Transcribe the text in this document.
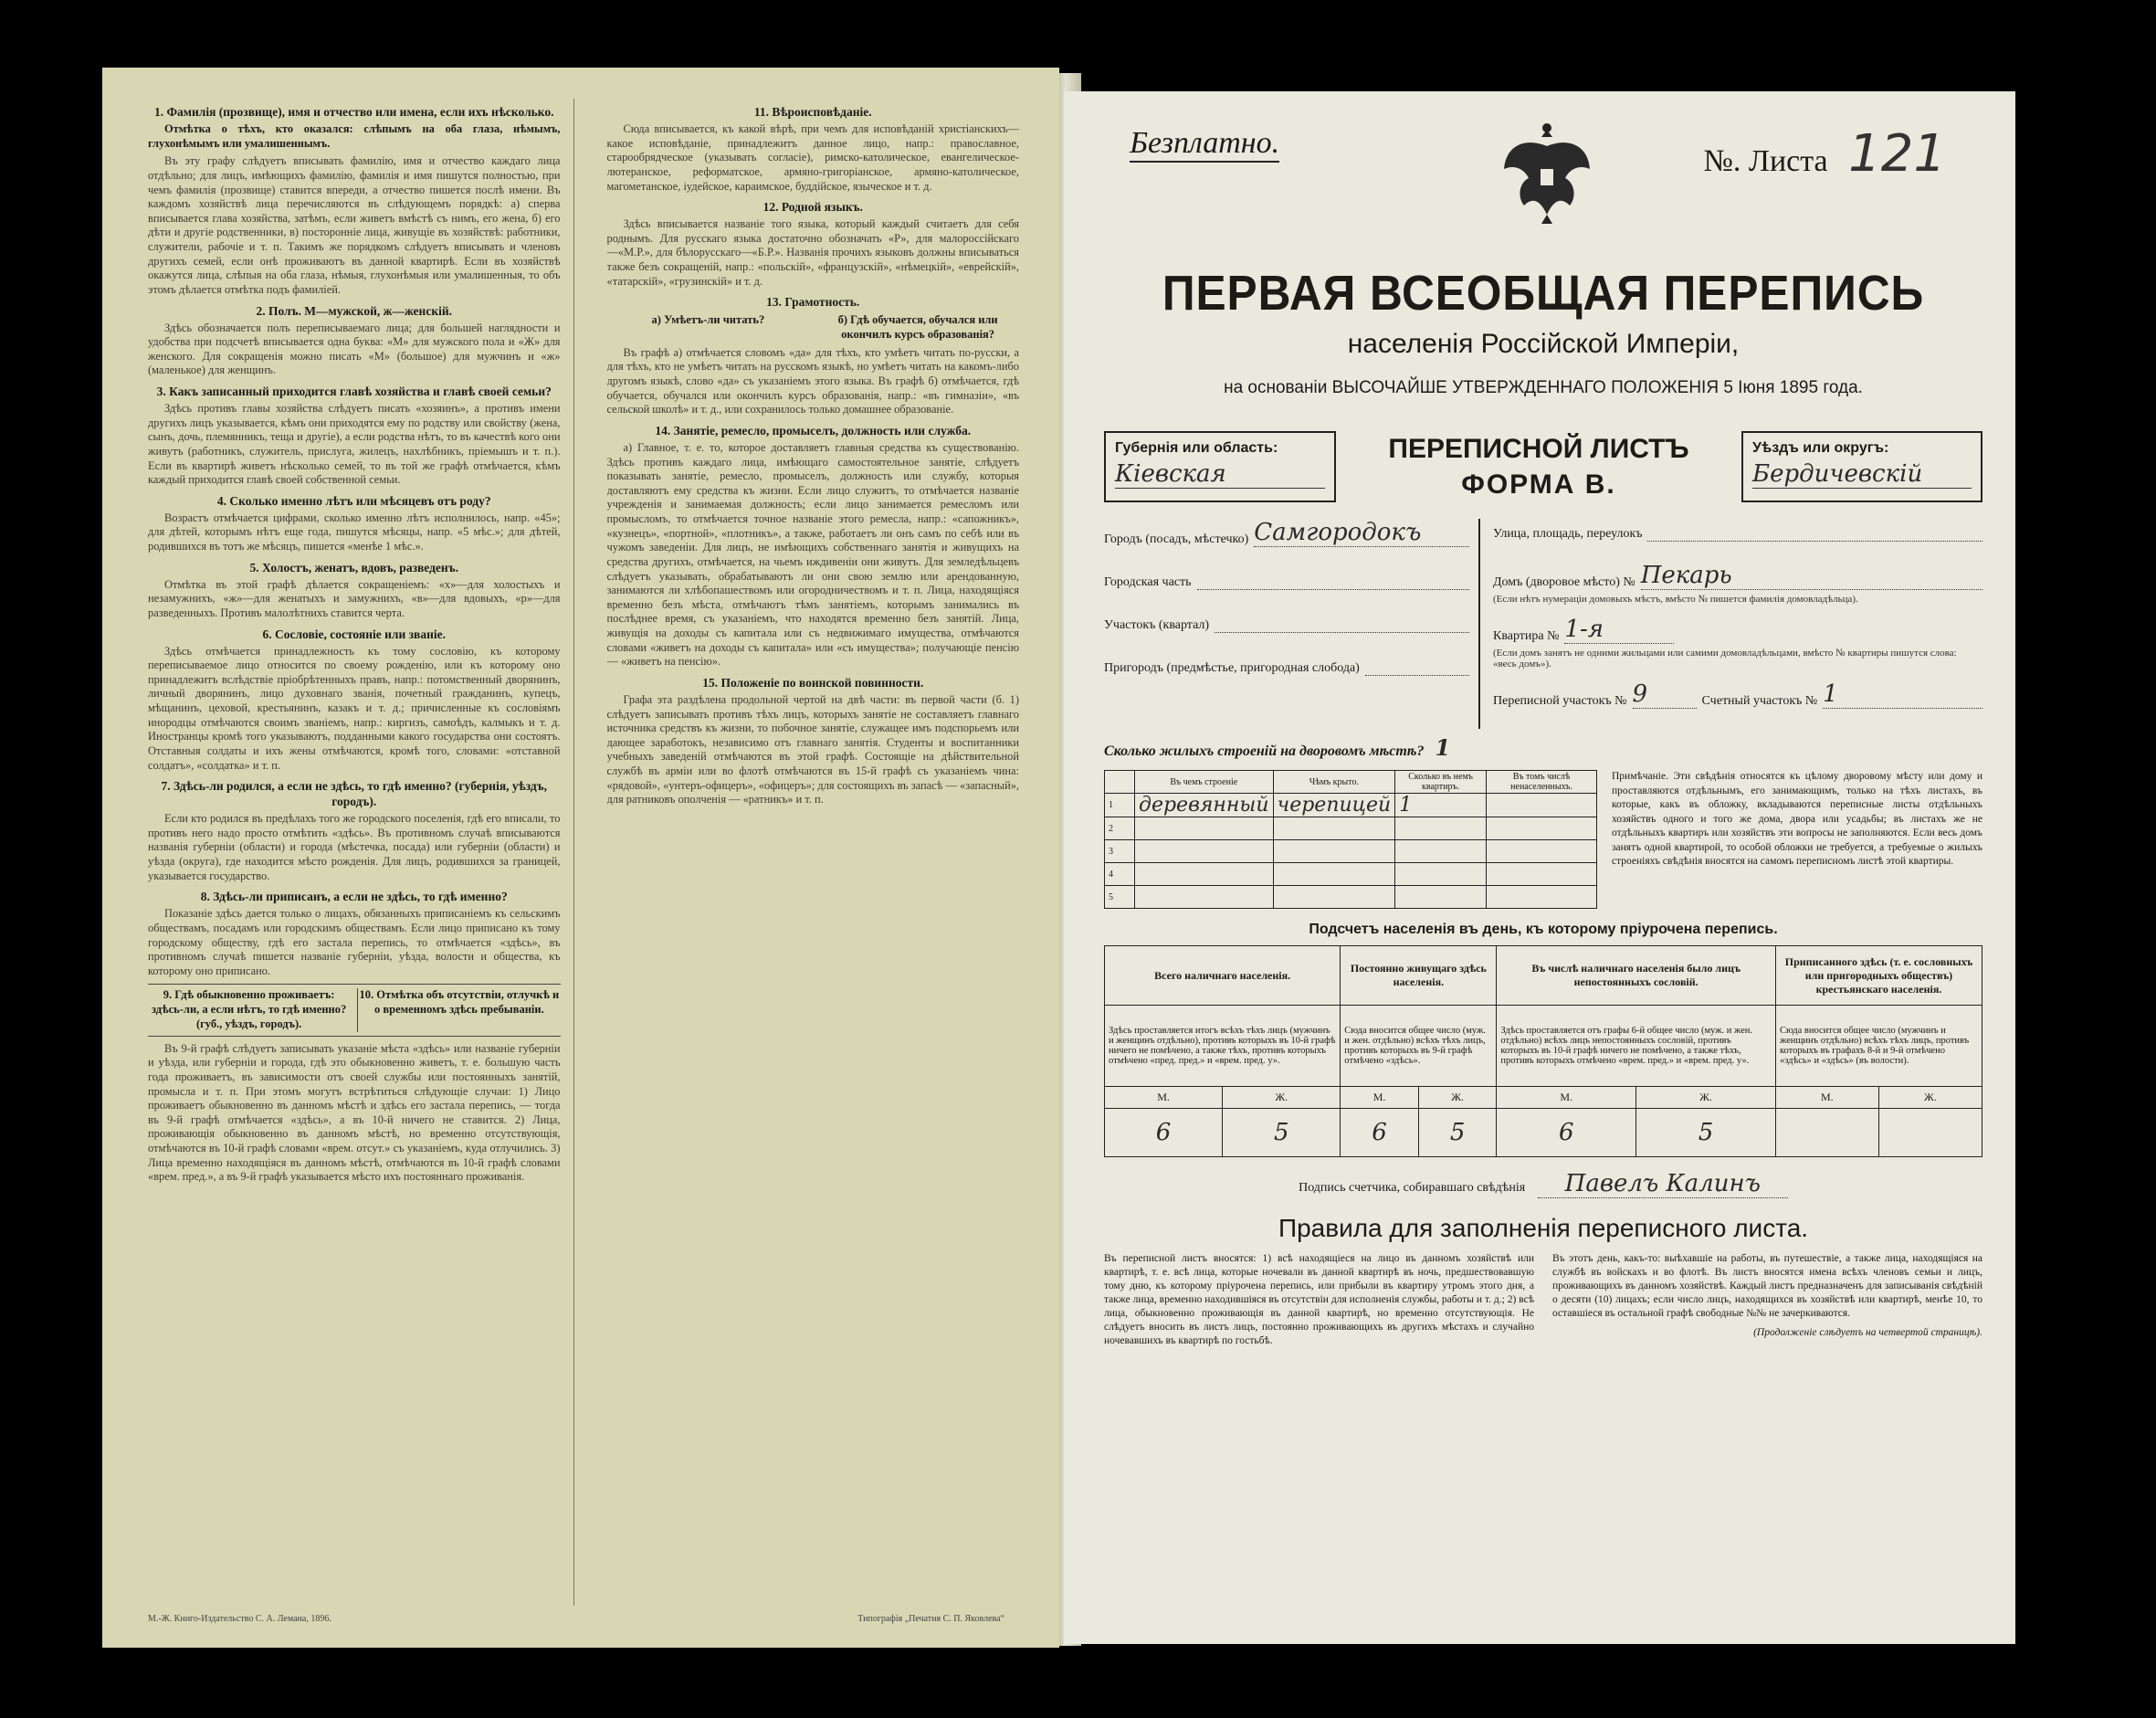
1. Фамилія (прозвище), имя и отчество или имена, если ихъ нѣсколько.

Отмѣтка о тѣхъ, кто оказался: слѣпымъ на оба глаза, нѣмымъ, глухонѣмымъ или умалишеннымъ.

Въ эту графу слѣдуетъ вписывать фамилію, имя и отчество каждаго лица отдѣльно; для лицъ, имѣющихъ фамилію, фамилія и имя пишутся полностью, при чемъ фамилія (прозвище) ставится впереди, а отчество пишется послѣ имени. Въ каждомъ хозяйствѣ лица перечисляются въ слѣдующемъ порядкѣ: а) сперва вписывается глава хозяйства, затѣмъ, если живетъ вмѣстѣ съ нимъ, его жена, б) его дѣти и другіе родственники, в) посторонніе лица, живущіе въ хозяйствѣ: работники, служители, рабочіе и т. п. Такимъ же порядкомъ слѣдуетъ вписывать и членовъ другихъ семей, если онѣ проживаютъ въ данной квартирѣ. Если въ хозяйствѣ окажутся лица, слѣпыя на оба глаза, нѣмыя, глухонѣмыя или умалишенныя, то объ этомъ дѣлается отмѣтка подъ фамиліей.

2. Полъ. М—мужской, ж—женскій.

Здѣсь обозначается полъ переписываемаго лица; для большей наглядности и удобства при подсчетѣ вписывается одна буква: «М» для мужского пола и «Ж» для женского. Для сокращенія можно писать «М» (большое) для мужчинъ и «ж» (маленькое) для женщинъ.

3. Какъ записанный приходится главѣ хозяйства и главѣ своей семьи?

Здѣсь противъ главы хозяйства слѣдуетъ писать «хозяинъ», а противъ имени другихъ лицъ указывается, кѣмъ они приходятся ему по родству или свойству (жена, сынъ, дочь, племянникъ, теща и другіе), а если родства нѣтъ, то въ качествѣ кого они живутъ (работникъ, служитель, прислуга, жилецъ, нахлѣбникъ, пріемышъ и т. п.). Если въ квартирѣ живетъ нѣсколько семей, то въ той же графѣ отмѣчается, кѣмъ каждый приходится главѣ своей собственной семьи.

4. Сколько именно лѣтъ или мѣсяцевъ отъ роду?

Возрастъ отмѣчается цифрами, сколько именно лѣтъ исполнилось, напр. «45»; для дѣтей, которымъ нѣтъ еще года, пишутся мѣсяцы, напр. «5 мѣс.»; для дѣтей, родившихся въ тотъ же мѣсяцъ, пишется «менѣе 1 мѣс.».

5. Холостъ, женатъ, вдовъ, разведенъ.

Отмѣтка въ этой графѣ дѣлается сокращеніемъ: «х»—для холостыхъ и незамужнихъ, «ж»—для женатыхъ и замужнихъ, «в»—для вдовыхъ, «р»—для разведенныхъ. Противъ малолѣтнихъ ставится черта.

6. Сословіе, состояніе или званіе.

Здѣсь отмѣчается принадлежность къ тому сословію, къ которому переписываемое лицо относится по своему рожденію, или къ которому оно принадлежитъ вслѣдствіе пріобрѣтенныхъ правъ, напр.: потомственный дворянинъ, личный дворянинъ, лицо духовнаго званія, почетный гражданинъ, купецъ, мѣщанинъ, цеховой, крестьянинъ, казакъ и т. д.; причисленные къ сословіямъ инородцы отмѣчаются своимъ званіемъ, напр.: киргизъ, самоѣдъ, калмыкъ и т. д. Иностранцы кромѣ того указываютъ, подданными какого государства они состоятъ. Отставныя солдаты и ихъ жены отмѣчаются, кромѣ того, словами: «отставной солдатъ», «солдатка» и т. п.

7. Здѣсь-ли родился, а если не здѣсь, то гдѣ именно? (губернія, уѣздъ, городъ).

Если кто родился въ предѣлахъ того же городского поселенія, гдѣ его вписали, то противъ него надо просто отмѣтить «здѣсь». Въ противномъ случаѣ вписываются названія губерніи (области) и города (мѣстечка, посада) или губерніи (области) и уѣзда (округа), где находится мѣсто рожденія. Для лицъ, родившихся за границей, указывается государство.

8. Здѣсь-ли приписанъ, а если не здѣсь, то гдѣ именно?

Показаніе здѣсь дается только о лицахъ, обязанныхъ приписаніемъ къ сельскимъ обществамъ, посадамъ или городскимъ обществамъ. Если лицо приписано къ тому городскому обществу, гдѣ его застала перепись, то отмѣчается «здѣсь», въ противномъ случаѣ пишется названіе губерніи, уѣзда, волости и общества, къ которому оно приписано.

9. Гдѣ обыкновенно проживаетъ: здѣсь-ли, а если нѣтъ, то гдѣ именно? (губ., уѣздъ, городъ).
10. Отмѣтка объ отсутствіи, отлучкѣ и о временномъ здѣсь пребываніи.

Въ 9-й графѣ слѣдуетъ записывать указаніе мѣста «здѣсь» или названіе губерніи и уѣзда, или губерніи и города, гдѣ это обыкновенно живетъ, т. е. большую часть года проживаетъ, въ зависимости отъ своей службы или постоянныхъ занятій, промысла и т. п. При этомъ могутъ встрѣтиться слѣдующіе случаи: 1) Лицо проживаетъ обыкновенно въ данномъ мѣстѣ и здѣсь его застала перепись, — тогда въ 9-й графѣ отмѣчается «здѣсь», а въ 10-й ничего не ставится. 2) Лица, проживающія обыкновенно въ данномъ мѣстѣ, но временно отсутствующія, отмѣчаются въ 10-й графѣ словами «врем. отсут.» съ указаніемъ, куда отлучились. 3) Лица временно находящіяся въ данномъ мѣстѣ, отмѣчаются въ 10-й графѣ словами «врем. пред.», а въ 9-й графѣ указывается мѣсто ихъ постояннаго проживанія.

11. Вѣроисповѣданіе.

Сюда вписывается, къ какой вѣрѣ, при чемъ для исповѣданій христіанскихъ—какое исповѣданіе, принадлежитъ данное лицо, напр.: православное, старообрядческое (указывать согласіе), римско-католическое, евангелическое-лютеранское, реформатское, армяно-григоріанское, армяно-католическое, магометанское, іудейское, караимское, буддійское, языческое и т. д.

12. Родной языкъ.

Здѣсь вписывается названіе того языка, который каждый считаетъ для себя роднымъ. Для русскаго языка достаточно обозначать «Р», для малороссійскаго—«М.Р.», для бѣлорусскаго—«Б.Р.». Названія прочихъ языковъ должны вписываться также безъ сокращеній, напр.: «польскій», «французскій», «нѣмецкій», «еврейскій», «татарскій», «грузинскій» и т. д.

13. Грамотность.
а) Умѣетъ-ли читать?	б) Гдѣ обучается, обучался или окончилъ курсъ образованія?

Въ графѣ а) отмѣчается словомъ «да» для тѣхъ, кто умѣетъ читать по-русски, а для тѣхъ, кто не умѣетъ читать на русскомъ языкѣ, но умѣетъ читать на какомъ-либо другомъ языкѣ, слово «да» съ указаніемъ этого языка. Въ графѣ б) отмѣчается, гдѣ обучается, обучался или окончилъ курсъ образованія, напр.: «въ гимназіи», «въ сельской школѣ» и т. д., или сохранилось только домашнее образованіе.

14. Занятіе, ремесло, промыселъ, должность или служба.

а) Главное, т. е. то, которое доставляетъ главныя средства къ существованію. Здѣсь противъ каждаго лица, имѣющаго самостоятельное занятіе, слѣдуетъ показывать занятіе, ремесло, промыселъ, должность или службу, которыя доставляютъ ему средства къ жизни. Если лицо служитъ, то отмѣчается названіе учрежденія и занимаемая должность; если лицо занимается ремесломъ или промысломъ, то отмѣчается точное названіе этого ремесла, напр.: «сапожникъ», «кузнецъ», «портной», «плотникъ», а также, работаетъ ли онъ самъ по себѣ или въ чужомъ заведеніи. Для лицъ, не имѣющихъ собственнаго занятія и живущихъ на средства другихъ, отмѣчается, на чьемъ иждивеніи они живутъ. Для земледѣльцевъ слѣдуетъ указывать, обрабатываютъ ли они свою землю или арендованную, занимаются ли хлѣбопашествомъ или огородничествомъ и т. п. Лица, находящіяся временно безъ мѣста, отмѣчаютъ тѣмъ занятіемъ, которымъ занимались въ послѣднее время, съ указаніемъ, что находятся временно безъ занятій. Лица, живущія на доходы съ капитала или съ недвижимаго имущества, отмѣчаются словами «живетъ на доходы съ капитала» или «съ имущества»; получающіе пенсію — «живетъ на пенсію».

15. Положеніе по воинской повинности.

Графа эта раздѣлена продольной чертой на двѣ части: въ первой части (б. 1) слѣдуетъ записывать противъ тѣхъ лицъ, которыхъ занятіе не составляетъ главнаго источника средствъ къ жизни, то побочное занятіе, служащее имъ подспорьемъ или дающее заработокъ, независимо отъ главнаго занятія. Студенты и воспитанники учебныхъ заведеній отмѣчаются въ этой графѣ. Состоящіе на дѣйствительной службѣ въ арміи или во флотѣ отмѣчаются въ 15-й графѣ съ указаніемъ чина: «рядовой», «унтеръ-офицеръ», «офицеръ»; для состоящихъ въ запасѣ — «запасный», для ратниковъ ополченія — «ратникъ» и т. п.

М.-Ж. Книго-Издательство С. А. Лемана, 1896.	Типографія „Печатня С. П. Яковлева“
Безплатно.
№. Листа 121
ПЕРВАЯ ВСЕОБЩАЯ ПЕРЕПИСЬ
населенія Россійской Имперіи,
на основаніи ВЫСОЧАЙШЕ УТВЕРЖДЕННАГО ПОЛОЖЕНІЯ 5 Іюня 1895 года.
Губернія или область:
Кіевская
ПЕРЕПИСНОЙ ЛИСТЪ
ФОРМА В.
Уѣздъ или округъ:
Бердичевскій
Городъ (посадъ, мѣстечко) Самгородокъ
Городская часть
Участокъ (квартал)
Пригородъ (предмѣстье, пригородная слобода)
Улица, площадь, переулокъ
Домъ (дворовое мѣсто) № Пекарь
(Если нѣтъ нумераціи домовыхъ мѣстъ, вмѣсто № пишется фамилія домовладѣльца).
Квартира № 1-я
(Если домъ занятъ не одними жильцами или самими домовладѣльцами, вмѣсто № квартиры пишутся слова: «весь домъ»).
Переписной участокъ № 9	Счетный участокъ № 1
Сколько жилыхъ строеній на дворовомъ мѣстѣ? 1
	Въ чемъ строеніе	Чѣмъ крыто.	Сколько въ немъ квартиръ.	Въ томъ числѣ ненаселенныхъ.
1	деревянный	черепицей	1	
2				
3				
4				
5				
Примѣчаніе. Эти свѣдѣнія относятся къ цѣлому дворовому мѣсту или дому и проставляются отдѣльнымъ, его занимающимъ, только на тѣхъ листахъ, въ которые, какъ въ обложку, вкладываются переписные листы отдѣльныхъ хозяйствъ одного и того же дома, двора или усадьбы; въ листахъ же не отдѣльныхъ квартиръ или хозяйствъ эти вопросы не заполняются. Если весь домъ занятъ одной квартирой, то особой обложки не требуется, а требуемые о жилыхъ строеніяхъ свѣдѣнія вносятся на самомъ переписномъ листѣ этой квартиры.
Подсчетъ населенія въ день, къ которому пріурочена перепись.
Всего наличнаго населенія.		Постоянно живущаго здѣсь населенія.		Въ числѣ наличнаго населенія было лицъ непостоянныхъ сословій.		Приписанного здѣсь (т. е. сословныхъ или пригородныхъ обществъ) крестьянскаго населенія.	
Здѣсь проставляется итогъ всѣхъ тѣхъ лицъ (мужчинъ и женщинъ отдѣльно), противъ которыхъ въ 10-й графѣ ничего не помѣчено, а также тѣхъ, противъ которыхъ отмѣчено «пред. пред.» и «врем. пред. у».		Сюда вносится общее число (муж. и жен. отдѣльно) всѣхъ тѣхъ лицъ, противъ которыхъ въ 9-й графѣ отмѣчено «здѣсь».		Здѣсь проставляется отъ графы 6-й общее число (муж. и жен. отдѣльно) всѣхъ лицъ непостоянныхъ сословій, противъ которыхъ въ 10-й графѣ ничего не помѣчено, а также тѣхъ, противъ которыхъ отмѣчено «врем. пред.» и «врем. пред. у».		Сюда вносится общее число (мужчинъ и женщинъ отдѣльно) всѣхъ тѣхъ лицъ, противъ которыхъ въ графахъ 8-й и 9-й отмѣчено «здѣсь» и «здѣсь» (въ волости).	
М.	Ж.	М.	Ж.	М.	Ж.	М.	Ж.
6	5	6	5	6	5		
Подпись счетчика, собиравшаго свѣдѣнія Павелъ Калинъ
Правила для заполненія переписного листа.
Въ переписной листъ вносятся: 1) всѣ находящіеся на лицо въ данномъ хозяйствѣ или квартирѣ, т. е. всѣ лица, которые ночевали въ данной квартирѣ въ ночь, предшествовавшую тому дню, къ которому пріурочена перепись, или прибыли въ квартиру утромъ этого дня, а также лица, временно находившіяся въ отсутствіи для исполненія службы, работы и т. д.; 2) всѣ лица, обыкновенно проживающія въ данной квартирѣ, но временно отсутствующія. Не слѣдуетъ вносить въ листъ лицъ, постоянно проживающихъ въ другихъ мѣстахъ и случайно ночевавшихъ въ квартирѣ по гостьбѣ.
Въ этотъ день, какъ-то: выѣхавшіе на работы, въ путешествіе, а также лица, находящіяся на службѣ въ войскахъ и во флотѣ. Въ листъ вносятся имена всѣхъ членовъ семьи и лицъ, проживающихъ въ данномъ хозяйствѣ. Каждый листъ предназначенъ для записыванія свѣдѣній о десяти (10) лицахъ; если число лицъ, находящихся въ хозяйствѣ или квартирѣ, менѣе 10, то оставшіеся въ остальной графѣ свободные №№ не зачеркиваются.
(Продолженіе слѣдуетъ на четвертой страницѣ).
